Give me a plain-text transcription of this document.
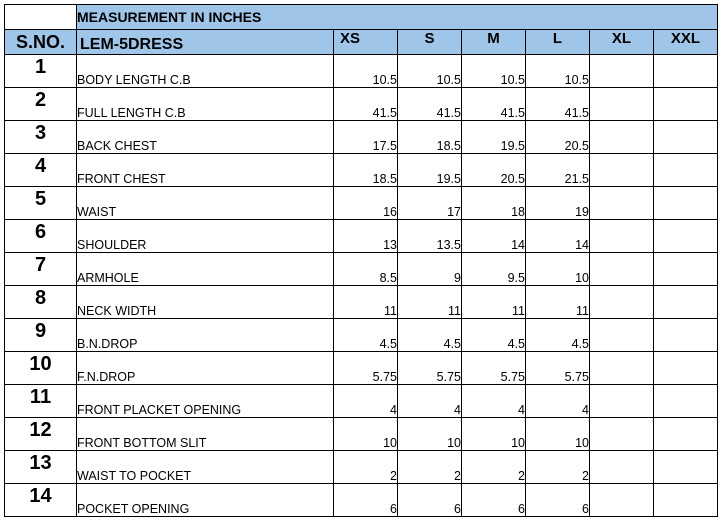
	MEASUREMENT IN INCHES						
S.NO.	LEM-5DRESS	XS	S	M	L	XL	XXL
1	BODY LENGTH C.B	10.5	10.5	10.5	10.5		
2	FULL LENGTH C.B	41.5	41.5	41.5	41.5		
3	BACK CHEST	17.5	18.5	19.5	20.5		
4	FRONT CHEST	18.5	19.5	20.5	21.5		
5	WAIST	16	17	18	19		
6	SHOULDER	13	13.5	14	14		
7	ARMHOLE	8.5	9	9.5	10		
8	NECK WIDTH	11	11	11	11		
9	B.N.DROP	4.5	4.5	4.5	4.5		
10	F.N.DROP	5.75	5.75	5.75	5.75		
11	FRONT PLACKET OPENING	4	4	4	4		
12	FRONT BOTTOM SLIT	10	10	10	10		
13	WAIST TO POCKET	2	2	2	2		
14	POCKET OPENING	6	6	6	6		
